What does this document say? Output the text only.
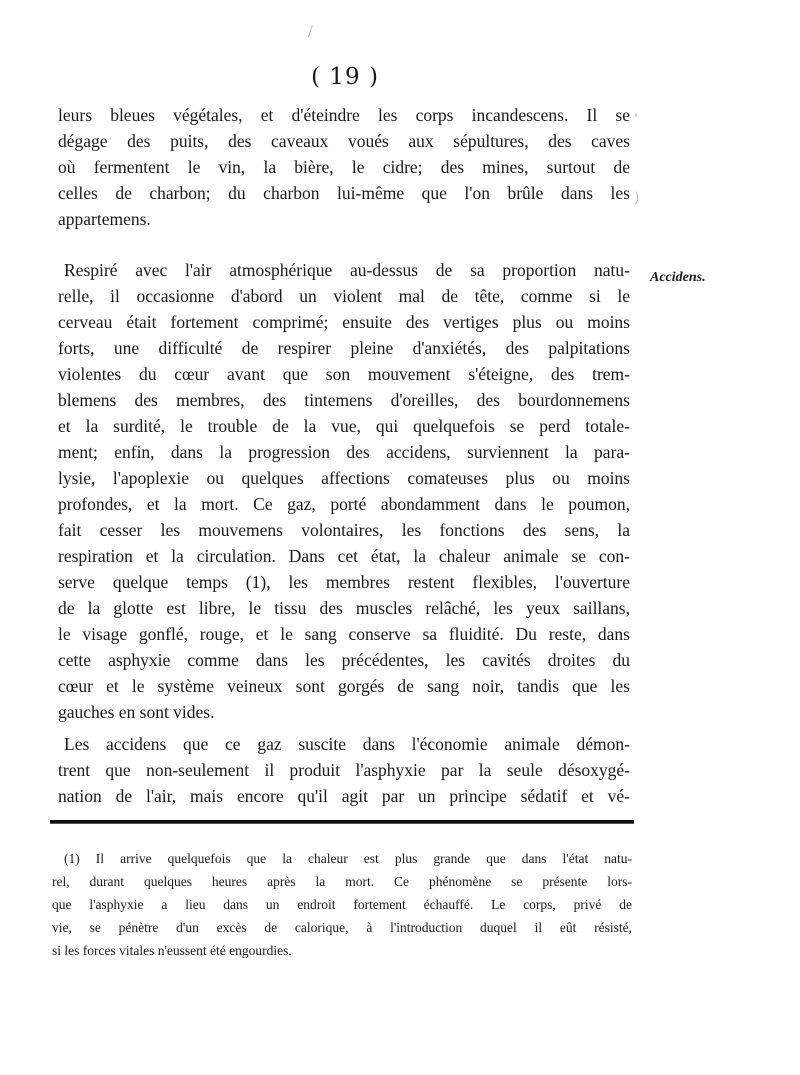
( 19 )
leurs bleues végétales, et d'éteindre les corps incandescens. Il se
dégage des puits, des caveaux voués aux sépultures, des caves
où fermentent le vin, la bière, le cidre; des mines, surtout de
celles de charbon; du charbon lui-même que l'on brûle dans les
appartemens.
Respiré avec l'air atmosphérique au-dessus de sa proportion natu-
relle, il occasionne d'abord un violent mal de tête, comme si le
cerveau était fortement comprimé; ensuite des vertiges plus ou moins
forts, une difficulté de respirer pleine d'anxiétés, des palpitations
violentes du cœur avant que son mouvement s'éteigne, des trem-
blemens des membres, des tintemens d'oreilles, des bourdonnemens
et la surdité, le trouble de la vue, qui quelquefois se perd totale-
ment; enfin, dans la progression des accidens, surviennent la para-
lysie, l'apoplexie ou quelques affections comateuses plus ou moins
profondes, et la mort. Ce gaz, porté abondamment dans le poumon,
fait cesser les mouvemens volontaires, les fonctions des sens, la
respiration et la circulation. Dans cet état, la chaleur animale se con-
serve quelque temps (1), les membres restent flexibles, l'ouverture
de la glotte est libre, le tissu des muscles relâché, les yeux saillans,
le visage gonflé, rouge, et le sang conserve sa fluidité. Du reste, dans
cette asphyxie comme dans les précédentes, les cavités droites du
cœur et le système veineux sont gorgés de sang noir, tandis que les
gauches en sont vides.
Les accidens que ce gaz suscite dans l'économie animale démon-
trent que non-seulement il produit l'asphyxie par la seule désoxygé-
nation de l'air, mais encore qu'il agit par un principe sédatif et vé-
Accidens.
(1) Il arrive quelquefois que la chaleur est plus grande que dans l'état natu-
rel, durant quelques heures après la mort. Ce phénomène se présente lors-
que l'asphyxie a lieu dans un endroit fortement échauffé. Le corps, privé de
vie, se pénètre d'un excès de calorique, à l'introduction duquel il eût résisté,
si les forces vitales n'eussent été engourdies.
/
'
)
